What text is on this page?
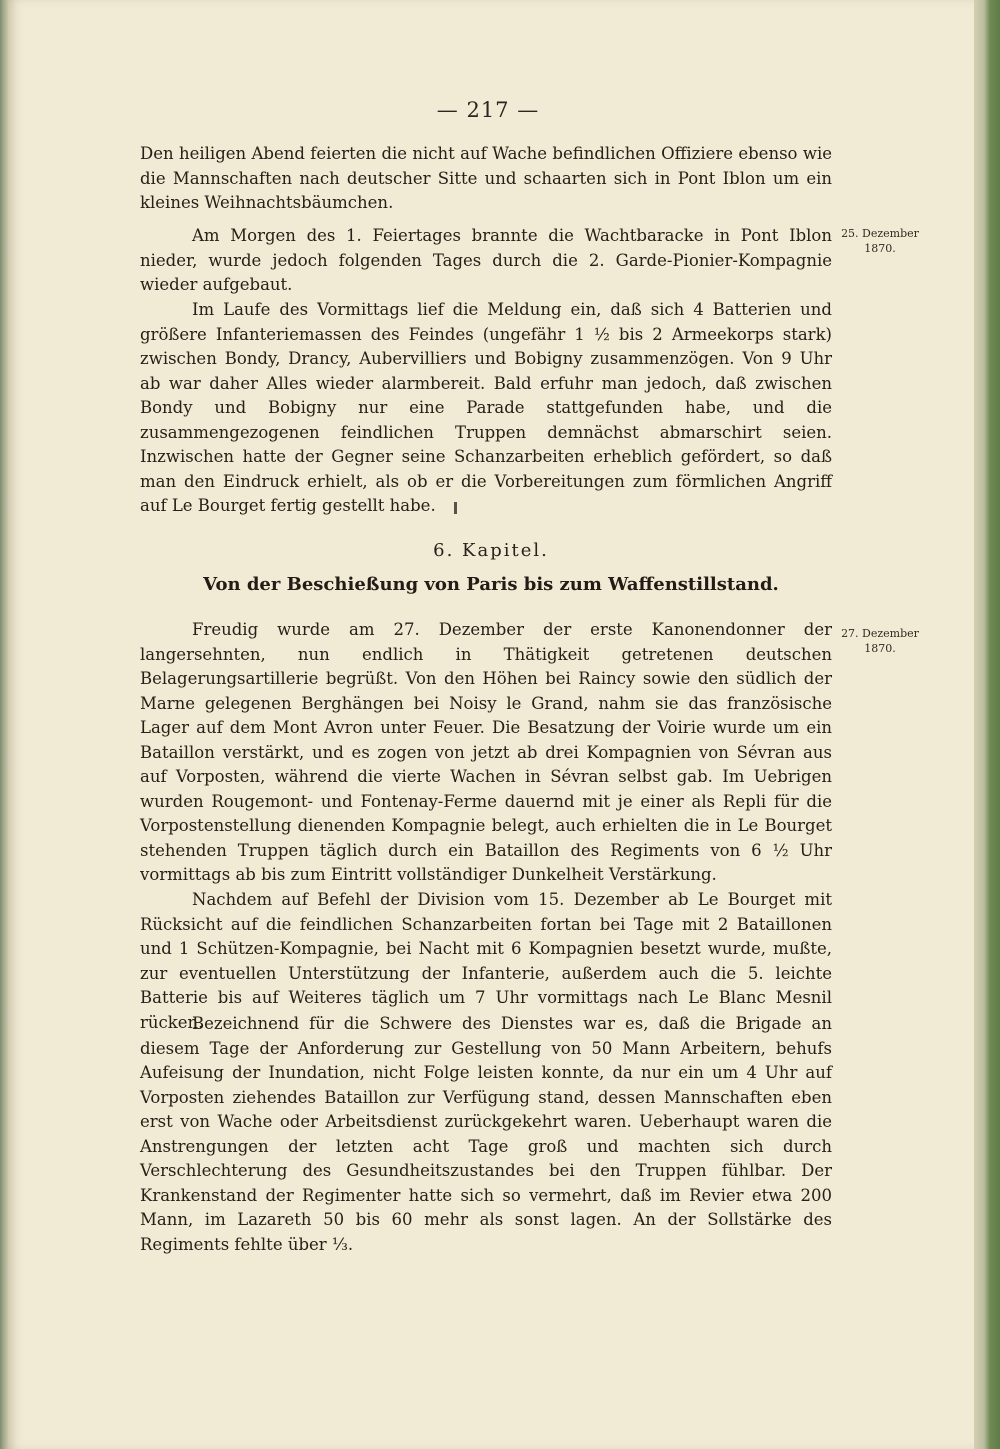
— 217 —

Den heiligen Abend feierten die nicht auf Wache befindlichen Offiziere ebenso wie die Mannschaften nach deutscher Sitte und schaarten sich in Pont Iblon um ein kleines Weihnachtsbäumchen.

Am Morgen des 1. Feiertages brannte die Wachtbaracke in Pont Iblon nieder, wurde jedoch folgenden Tages durch die 2. Garde-Pionier-Kompagnie wieder aufgebaut.

25. Dezember
1870.

Im Laufe des Vormittags lief die Meldung ein, daß sich 4 Batterien und größere Infanteriemassen des Feindes (ungefähr 1 ½ bis 2 Armeekorps stark) zwischen Bondy, Drancy, Aubervilliers und Bobigny zusammenzögen. Von 9 Uhr ab war daher Alles wieder alarmbereit. Bald erfuhr man jedoch, daß zwischen Bondy und Bobigny nur eine Parade stattgefunden habe, und die zusammengezogenen feindlichen Truppen demnächst abmarschirt seien. Inzwischen hatte der Gegner seine Schanzarbeiten erheblich gefördert, so daß man den Eindruck erhielt, als ob er die Vorbereitungen zum förmlichen Angriff auf Le Bourget fertig gestellt habe.

6. Kapitel.

Von der Beschießung von Paris bis zum Waffenstillstand.

Freudig wurde am 27. Dezember der erste Kanonendonner der langersehnten, nun endlich in Thätigkeit getretenen deutschen Belagerungsartillerie begrüßt. Von den Höhen bei Raincy sowie den südlich der Marne gelegenen Berghängen bei Noisy le Grand, nahm sie das französische Lager auf dem Mont Avron unter Feuer. Die Besatzung der Voirie wurde um ein Bataillon verstärkt, und es zogen von jetzt ab drei Kompagnien von Sévran aus auf Vorposten, während die vierte Wachen in Sévran selbst gab. Im Uebrigen wurden Rougemont- und Fontenay-Ferme dauernd mit je einer als Repli für die Vorpostenstellung dienenden Kompagnie belegt, auch erhielten die in Le Bourget stehenden Truppen täglich durch ein Bataillon des Regiments von 6 ½ Uhr vormittags ab bis zum Eintritt vollständiger Dunkelheit Verstärkung.

27. Dezember
1870.

Nachdem auf Befehl der Division vom 15. Dezember ab Le Bourget mit Rücksicht auf die feindlichen Schanzarbeiten fortan bei Tage mit 2 Bataillonen und 1 Schützen-Kompagnie, bei Nacht mit 6 Kompagnien besetzt wurde, mußte, zur eventuellen Unterstützung der Infanterie, außerdem auch die 5. leichte Batterie bis auf Weiteres täglich um 7 Uhr vormittags nach Le Blanc Mesnil rücken.

Bezeichnend für die Schwere des Dienstes war es, daß die Brigade an diesem Tage der Anforderung zur Gestellung von 50 Mann Arbeitern, behufs Aufeisung der Inundation, nicht Folge leisten konnte, da nur ein um 4 Uhr auf Vorposten ziehendes Bataillon zur Verfügung stand, dessen Mannschaften eben erst von Wache oder Arbeitsdienst zurückgekehrt waren. Ueberhaupt waren die Anstrengungen der letzten acht Tage groß und machten sich durch Verschlechterung des Gesundheitszustandes bei den Truppen fühlbar. Der Krankenstand der Regimenter hatte sich so vermehrt, daß im Revier etwa 200 Mann, im Lazareth 50 bis 60 mehr als sonst lagen. An der Sollstärke des Regiments fehlte über ⅓.
